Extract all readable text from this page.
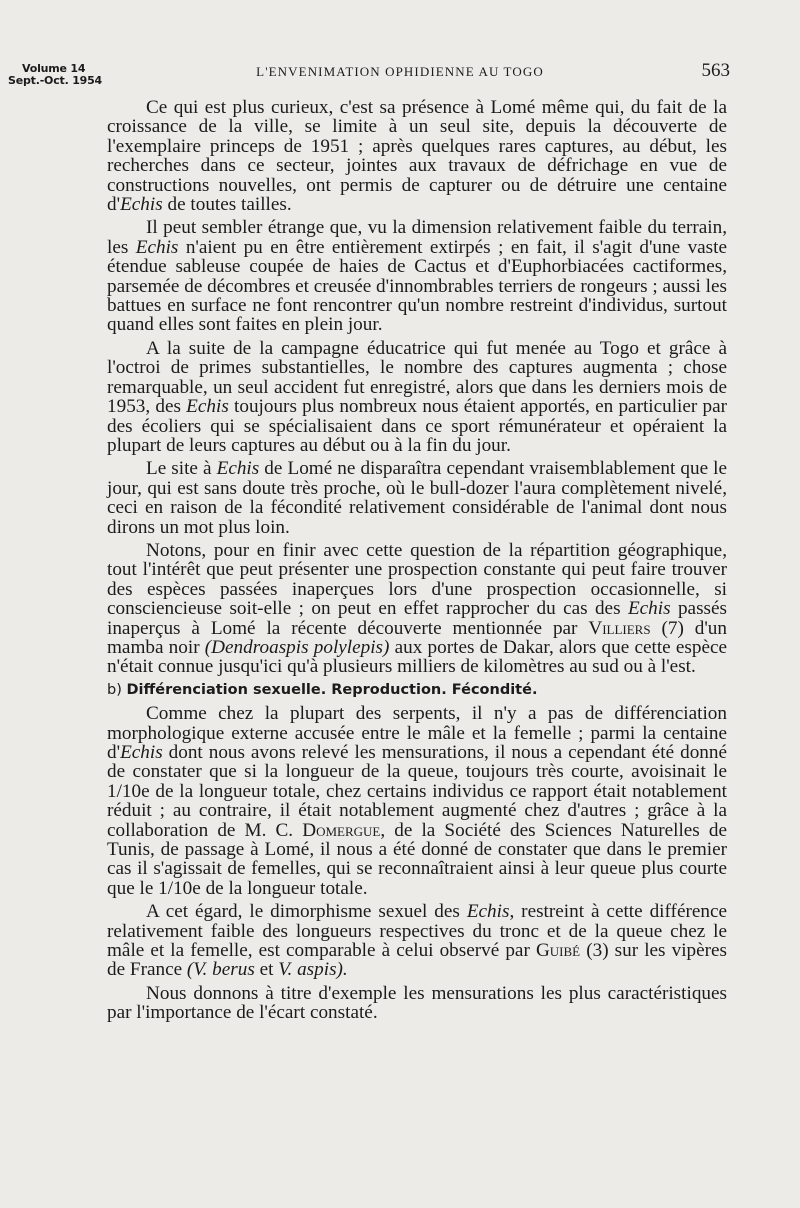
Volume 14
Sept.-Oct. 1954
L'ENVENIMATION OPHIDIENNE AU TOGO	563

Ce qui est plus curieux, c'est sa présence à Lomé même qui, du fait de la croissance de la ville, se limite à un seul site, depuis la découverte de l'exemplaire princeps de 1951 ; après quelques rares captures, au début, les recherches dans ce secteur, jointes aux travaux de défrichage en vue de constructions nouvelles, ont permis de capturer ou de détruire une centaine d'Echis de toutes tailles.

Il peut sembler étrange que, vu la dimension relativement faible du terrain, les Echis n'aient pu en être entièrement extirpés ; en fait, il s'agit d'une vaste étendue sableuse coupée de haies de Cactus et d'Euphorbiacées cactiformes, parsemée de décombres et creusée d'innombrables terriers de rongeurs ; aussi les battues en surface ne font rencontrer qu'un nombre restreint d'individus, surtout quand elles sont faites en plein jour.

A la suite de la campagne éducatrice qui fut menée au Togo et grâce à l'octroi de primes substantielles, le nombre des captures augmenta ; chose remarquable, un seul accident fut enregistré, alors que dans les derniers mois de 1953, des Echis toujours plus nombreux nous étaient apportés, en particulier par des écoliers qui se spécialisaient dans ce sport rémunérateur et opéraient la plupart de leurs captures au début ou à la fin du jour.

Le site à Echis de Lomé ne disparaîtra cependant vraisemblablement que le jour, qui est sans doute très proche, où le bull-dozer l'aura complètement nivelé, ceci en raison de la fécondité relativement considérable de l'animal dont nous dirons un mot plus loin.

Notons, pour en finir avec cette question de la répartition géographique, tout l'intérêt que peut présenter une prospection constante qui peut faire trouver des espèces passées inaperçues lors d'une prospection occasionnelle, si consciencieuse soit-elle ; on peut en effet rapprocher du cas des Echis passés inaperçus à Lomé la récente découverte mentionnée par Villiers (7) d'un mamba noir (Dendroaspis polylepis) aux portes de Dakar, alors que cette espèce n'était connue jusqu'ici qu'à plusieurs milliers de kilomètres au sud ou à l'est.

b) Différenciation sexuelle. Reproduction. Fécondité.

Comme chez la plupart des serpents, il n'y a pas de différenciation morphologique externe accusée entre le mâle et la femelle ; parmi la centaine d'Echis dont nous avons relevé les mensurations, il nous a cependant été donné de constater que si la longueur de la queue, toujours très courte, avoisinait le 1/10e de la longueur totale, chez certains individus ce rapport était notablement réduit ; au contraire, il était notablement augmenté chez d'autres ; grâce à la collaboration de M. C. Domergue, de la Société des Sciences Naturelles de Tunis, de passage à Lomé, il nous a été donné de constater que dans le premier cas il s'agissait de femelles, qui se reconnaîtraient ainsi à leur queue plus courte que le 1/10e de la longueur totale.

A cet égard, le dimorphisme sexuel des Echis, restreint à cette différence relativement faible des longueurs respectives du tronc et de la queue chez le mâle et la femelle, est comparable à celui observé par Guibé (3) sur les vipères de France (V. berus et V. aspis).

Nous donnons à titre d'exemple les mensurations les plus caractéristiques par l'importance de l'écart constaté.
